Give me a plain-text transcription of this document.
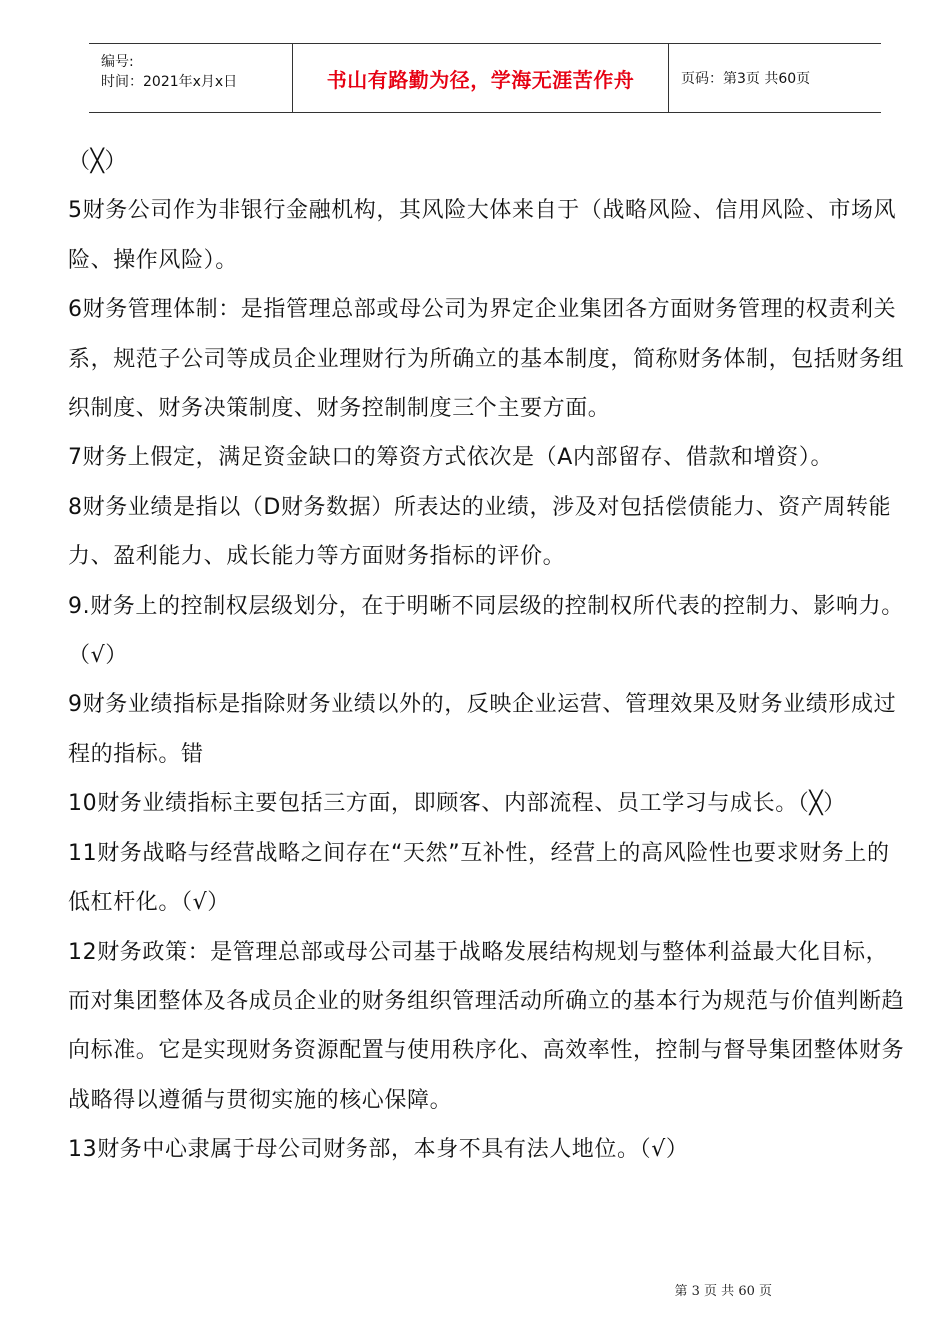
编号:
时间：2021年x月x日	书山有路勤为径，学海无涯苦作舟	页码：第3页 共60页

（╳）

5财务公司作为非银行金融机构，其风险大体来自于（战略风险、信用风险、市场风险、操作风险）。

6财务管理体制：是指管理总部或母公司为界定企业集团各方面财务管理的权责利关系，规范子公司等成员企业理财行为所确立的基本制度，简称财务体制，包括财务组织制度、财务决策制度、财务控制制度三个主要方面。

7财务上假定，满足资金缺口的筹资方式依次是（A内部留存、借款和增资）。

8财务业绩是指以（D财务数据）所表达的业绩，涉及对包括偿债能力、资产周转能力、盈利能力、成长能力等方面财务指标的评价。

9.财务上的控制权层级划分，在于明晰不同层级的控制权所代表的控制力、影响力。（√）

9财务业绩指标是指除财务业绩以外的，反映企业运营、管理效果及财务业绩形成过程的指标。错

10财务业绩指标主要包括三方面，即顾客、内部流程、员工学习与成长。（╳）

11财务战略与经营战略之间存在“天然”互补性，经营上的高风险性也要求财务上的低杠杆化。（√）

12财务政策：是管理总部或母公司基于战略发展结构规划与整体利益最大化目标，而对集团整体及各成员企业的财务组织管理活动所确立的基本行为规范与价值判断趋向标准。它是实现财务资源配置与使用秩序化、高效率性，控制与督导集团整体财务战略得以遵循与贯彻实施的核心保障。

13财务中心隶属于母公司财务部，本身不具有法人地位。（√）

第 3 页 共 60 页
